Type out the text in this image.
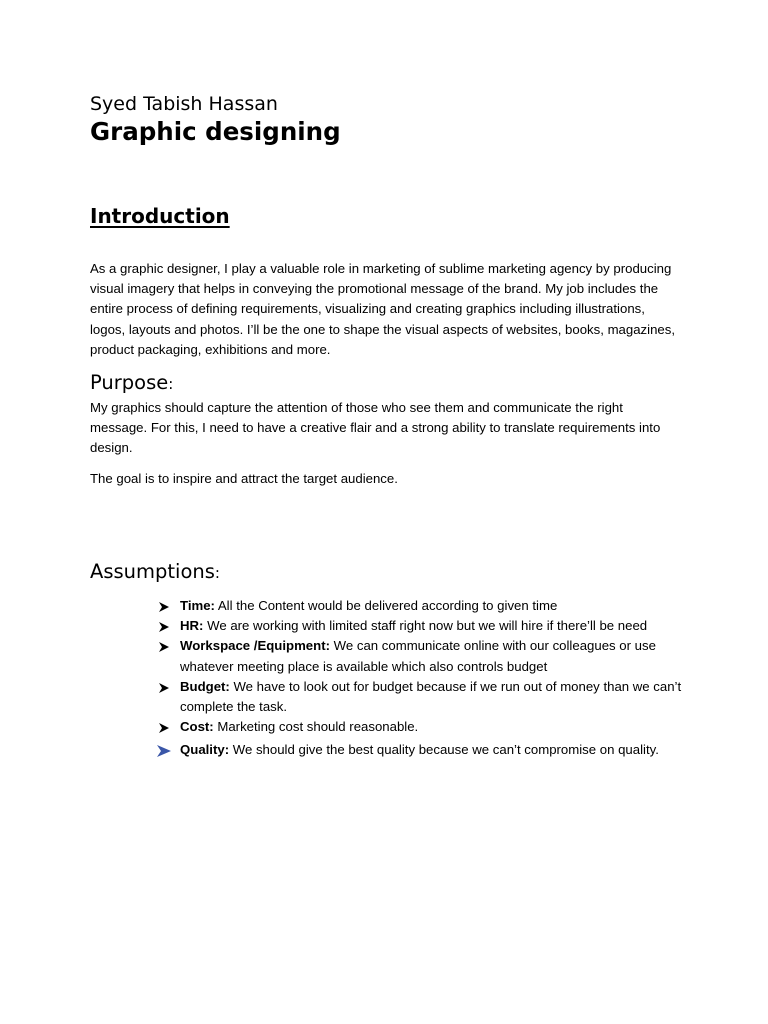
Syed Tabish Hassan
Graphic designing
Introduction

As a graphic designer, I play a valuable role in marketing of sublime marketing agency by producing visual imagery that helps in conveying the promotional message of the brand. My job includes the entire process of defining requirements, visualizing and creating graphics including illustrations, logos, layouts and photos. I’ll be the one to shape the visual aspects of websites, books, magazines, product packaging, exhibitions and more.

Purpose:

My graphics should capture the attention of those who see them and communicate the right message. For this, I need to have a creative flair and a strong ability to translate requirements into design.

The goal is to inspire and attract the target audience.

Assumptions:
Time: All the Content would be delivered according to given time
HR: We are working with limited staff right now but we will hire if there’ll be need
Workspace /Equipment: We can communicate online with our colleagues or use whatever meeting place is available which also controls budget
Budget: We have to look out for budget because if we run out of money than we can’t complete the task.
Cost: Marketing cost should reasonable.
Quality: We should give the best quality because we can’t compromise on quality.
